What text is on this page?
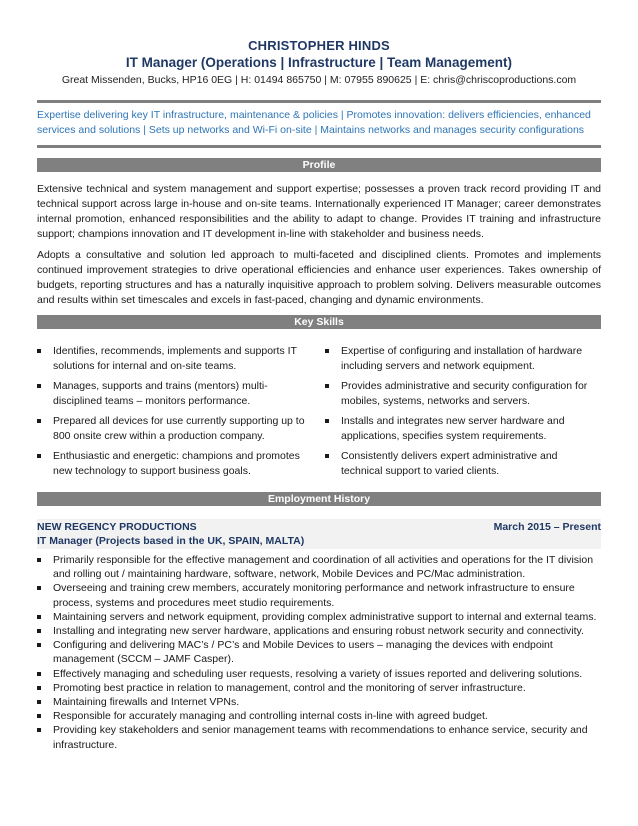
CHRISTOPHER HINDS
IT Manager (Operations | Infrastructure | Team Management)
Great Missenden, Bucks, HP16 0EG | H: 01494 865750 | M: 07955 890625 | E: chris@chriscoproductions.com
Expertise delivering key IT infrastructure, maintenance & policies | Promotes innovation: delivers efficiencies, enhanced services and solutions | Sets up networks and Wi-Fi on-site | Maintains networks and manages security configurations
Profile
Extensive technical and system management and support expertise; possesses a proven track record providing IT and technical support across large in-house and on-site teams. Internationally experienced IT Manager; career demonstrates internal promotion, enhanced responsibilities and the ability to adapt to change. Provides IT training and infrastructure support; champions innovation and IT development in-line with stakeholder and business needs.
Adopts a consultative and solution led approach to multi-faceted and disciplined clients. Promotes and implements continued improvement strategies to drive operational efficiencies and enhance user experiences. Takes ownership of budgets, reporting structures and has a naturally inquisitive approach to problem solving. Delivers measurable outcomes and results within set timescales and excels in fast-paced, changing and dynamic environments.
Key Skills
Identifies, recommends, implements and supports IT solutions for internal and on-site teams.
Manages, supports and trains (mentors) multi-disciplined teams – monitors performance.
Prepared all devices for use currently supporting up to 800 onsite crew within a production company.
Enthusiastic and energetic: champions and promotes new technology to support business goals.
Expertise of configuring and installation of hardware including servers and network equipment.
Provides administrative and security configuration for mobiles, systems, networks and servers.
Installs and integrates new server hardware and applications, specifies system requirements.
Consistently delivers expert administrative and technical support to varied clients.
Employment History
NEW REGENCY PRODUCTIONS	March 2015 – Present
IT Manager (Projects based in the UK, SPAIN, MALTA)
Primarily responsible for the effective management and coordination of all activities and operations for the IT division and rolling out / maintaining hardware, software, network, Mobile Devices and PC/Mac administration.
Overseeing and training crew members, accurately monitoring performance and network infrastructure to ensure process, systems and procedures meet studio requirements.
Maintaining servers and network equipment, providing complex administrative support to internal and external teams.
Installing and integrating new server hardware, applications and ensuring robust network security and connectivity.
Configuring and delivering MAC’s / PC’s and Mobile Devices to users – managing the devices with endpoint management (SCCM – JAMF Casper).
Effectively managing and scheduling user requests, resolving a variety of issues reported and delivering solutions.
Promoting best practice in relation to management, control and the monitoring of server infrastructure.
Maintaining firewalls and Internet VPNs.
Responsible for accurately managing and controlling internal costs in-line with agreed budget.
Providing key stakeholders and senior management teams with recommendations to enhance service, security and infrastructure.
